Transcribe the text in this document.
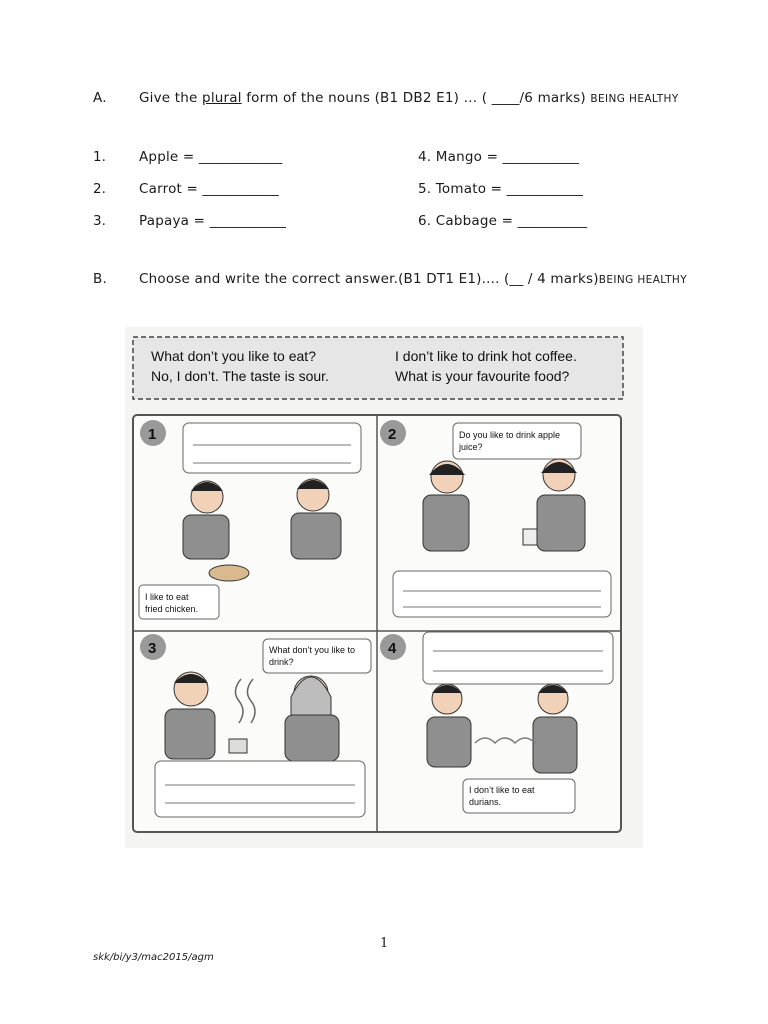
A. Give the plural form of the nouns (B1 DB2 E1) … ( ____/6 marks) BEING HEALTHY
1. Apple = ____________
2. Carrot = ___________
3. Papaya = ___________
4. Mango = ___________
5. Tomato = ___________
6. Cabbage = __________
B. Choose and write the correct answer.(B1 DT1 E1).... (__ / 4 marks)BEING HEALTHY
What don’t you like to eat?
No, I don’t. The taste is sour.
I don’t like to drink hot coffee.
What is your favourite food?
1
I like to eat
fried chicken.
2	Do you like to drink apple
juice?
3	What don’t you like to
drink?
4
I don’t like to eat
durians.
1
skk/bi/y3/mac2015/agm
